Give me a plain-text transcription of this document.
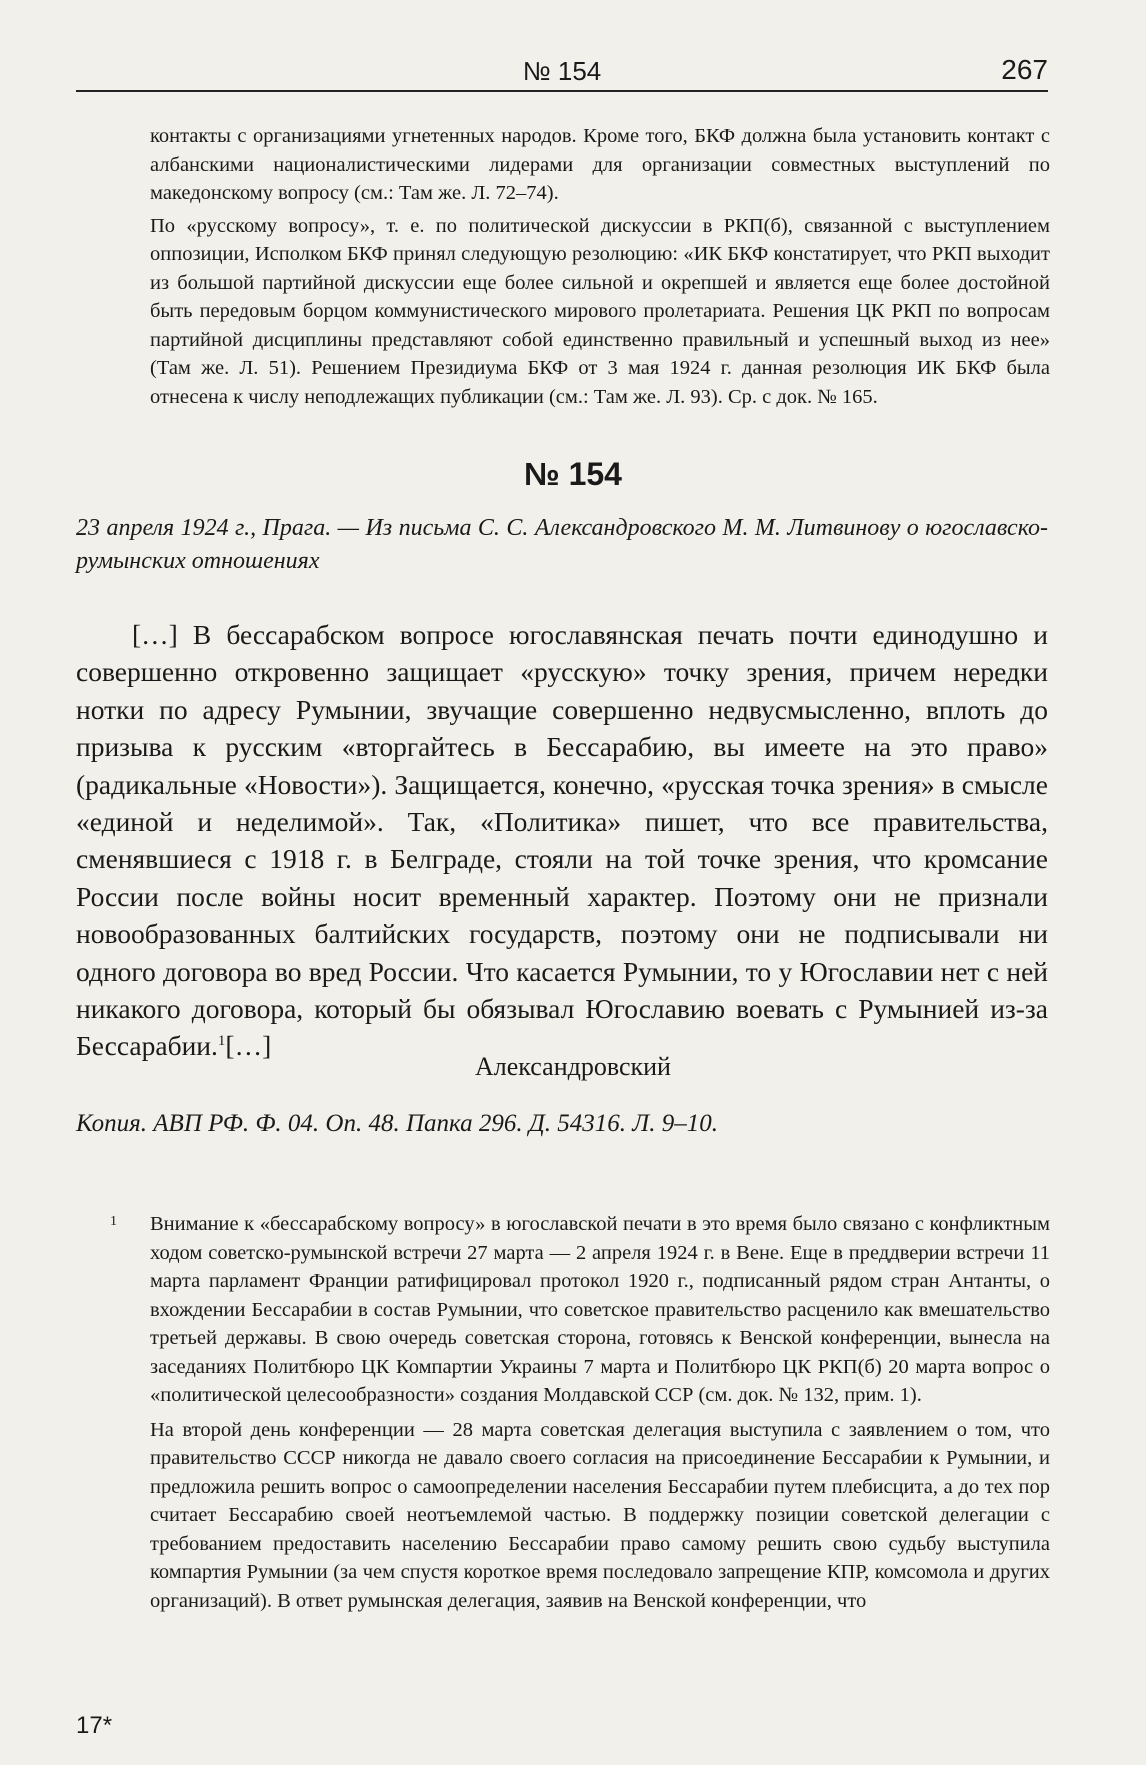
№ 154	267

контакты с организациями угнетенных народов. Кроме того, БКФ должна была установить контакт с албанскими националистическими лидерами для организации совместных выступлений по македонскому вопросу (см.: Там же. Л. 72–74).

По «русскому вопросу», т. е. по политической дискуссии в РКП(б), связанной с выступлением оппозиции, Исполком БКФ принял следующую резолюцию: «ИК БКФ констатирует, что РКП выходит из большой партийной дискуссии еще более сильной и окрепшей и является еще более достойной быть передовым борцом коммунистического мирового пролетариата. Решения ЦК РКП по вопросам партийной дисциплины представляют собой единственно правильный и успешный выход из нее» (Там же. Л. 51). Решением Президиума БКФ от 3 мая 1924 г. данная резолюция ИК БКФ была отнесена к числу неподлежащих публикации (см.: Там же. Л. 93). Ср. с док. № 165.

№ 154
23 апреля 1924 г., Прага. — Из письма С. С. Александровского М. М. Литвинову о югославско-румынских отношениях

[…] В бессарабском вопросе югославянская печать почти единодушно и совершенно откровенно защищает «русскую» точку зрения, причем нередки нотки по адресу Румынии, звучащие совершенно недвусмысленно, вплоть до призыва к русским «вторгайтесь в Бессарабию, вы имеете на это право» (радикальные «Новости»). Защищается, конечно, «русская точка зрения» в смысле «единой и неделимой». Так, «Политика» пишет, что все правительства, сменявшиеся с 1918 г. в Белграде, стояли на той точке зрения, что кромсание России после войны носит временный характер. Поэтому они не признали новообразованных балтийских государств, поэтому они не подписывали ни одного договора во вред России. Что касается Румынии, то у Югославии нет с ней никакого договора, который бы обязывал Югославию воевать с Румынией из-за Бессарабии.$^1$[…]

Александровский
Копия. АВП РФ. Ф. 04. Оп. 48. Папка 296. Д. 54316. Л. 9–10.

1 Внимание к «бессарабскому вопросу» в югославской печати в это время было связано с конфликтным ходом советско-румынской встречи 27 марта — 2 апреля 1924 г. в Вене. Еще в преддверии встречи 11 марта парламент Франции ратифицировал протокол 1920 г., подписанный рядом стран Антанты, о вхождении Бессарабии в состав Румынии, что советское правительство расценило как вмешательство третьей державы. В свою очередь советская сторона, готовясь к Венской конференции, вынесла на заседаниях Политбюро ЦК Компартии Украины 7 марта и Политбюро ЦК РКП(б) 20 марта вопрос о «политической целесообразности» создания Молдавской ССР (см. док. № 132, прим. 1).

На второй день конференции — 28 марта советская делегация выступила с заявлением о том, что правительство СССР никогда не давало своего согласия на присоединение Бессарабии к Румынии, и предложила решить вопрос о самоопределении населения Бессарабии путем плебисцита, а до тех пор считает Бессарабию своей неотъемлемой частью. В поддержку позиции советской делегации с требованием предоставить населению Бессарабии право самому решить свою судьбу выступила компартия Румынии (за чем спустя короткое время последовало запрещение КПР, комсомола и других организаций). В ответ румынская делегация, заявив на Венской конференции, что

17*
